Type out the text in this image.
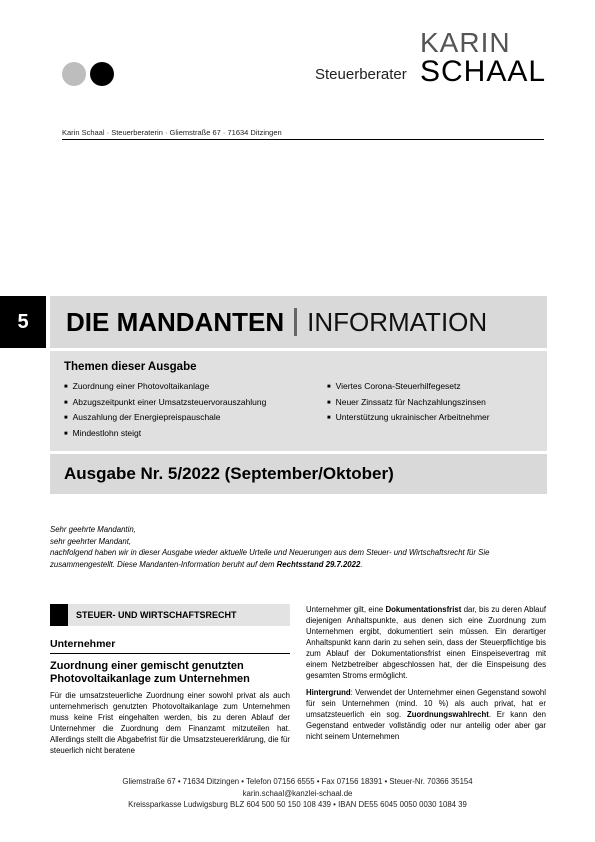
Steuerberater
KARIN
SCHAAL
Karin Schaal · Steuerberaterin · Gliemstraße 67 · 71634 Ditzingen
5	DIE MANDANTEN INFORMATION
Themen dieser Ausgabe
■ Zuordnung einer Photovoltaikanlage
■ Abzugszeitpunkt einer Umsatzsteuervorauszahlung
■ Auszahlung der Energiepreispauschale
■ Mindestlohn steigt
■ Viertes Corona-Steuerhilfegesetz
■ Neuer Zinssatz für Nachzahlungszinsen
■ Unterstützung ukrainischer Arbeitnehmer
Ausgabe Nr. 5/2022 (September/Oktober)
Sehr geehrte Mandantin,
sehr geehrter Mandant,
nachfolgend haben wir in dieser Ausgabe wieder aktuelle Urteile und Neuerungen aus dem Steuer- und Wirtschaftsrecht für Sie zusammengestellt. Diese Mandanten-Information beruht auf dem Rechtsstand 29.7.2022.
STEUER- UND WIRTSCHAFTSRECHT
Unternehmer
Zuordnung einer gemischt genutzten Photovoltaikanlage zum Unternehmen
Für die umsatzsteuerliche Zuordnung einer sowohl privat als auch unternehmerisch genutzten Photovoltaikanlage zum Unternehmen muss keine Frist eingehalten werden, bis zu deren Ablauf der Unternehmer die Zuordnung dem Finanzamt mitzuteilen hat. Allerdings stellt die Abgabefrist für die Umsatzsteuererklärung, die für steuerlich nicht beratene
Unternehmer gilt, eine Dokumentationsfrist dar, bis zu deren Ablauf diejenigen Anhaltspunkte, aus denen sich eine Zuordnung zum Unternehmen ergibt, dokumentiert sein müssen. Ein derartiger Anhaltspunkt kann darin zu sehen sein, dass der Steuerpflichtige bis zum Ablauf der Dokumentationsfrist einen Einspeisevertrag mit einem Netzbetreiber abgeschlossen hat, der die Einspeisung des gesamten Stroms ermöglicht.
Hintergrund: Verwendet der Unternehmer einen Gegenstand sowohl für sein Unternehmen (mind. 10 %) als auch privat, hat er umsatzsteuerlich ein sog. Zuordnungswahlrecht. Er kann den Gegenstand entweder vollständig oder nur anteilig oder aber gar nicht seinem Unternehmen
Gliemstraße 67 • 71634 Ditzingen • Telefon 07156 6555 • Fax 07156 18391 • Steuer-Nr. 70366 35154
karin.schaal@kanzlei-schaal.de
Kreissparkasse Ludwigsburg BLZ 604 500 50 150 108 439 • IBAN DE55 6045 0050 0030 1084 39
